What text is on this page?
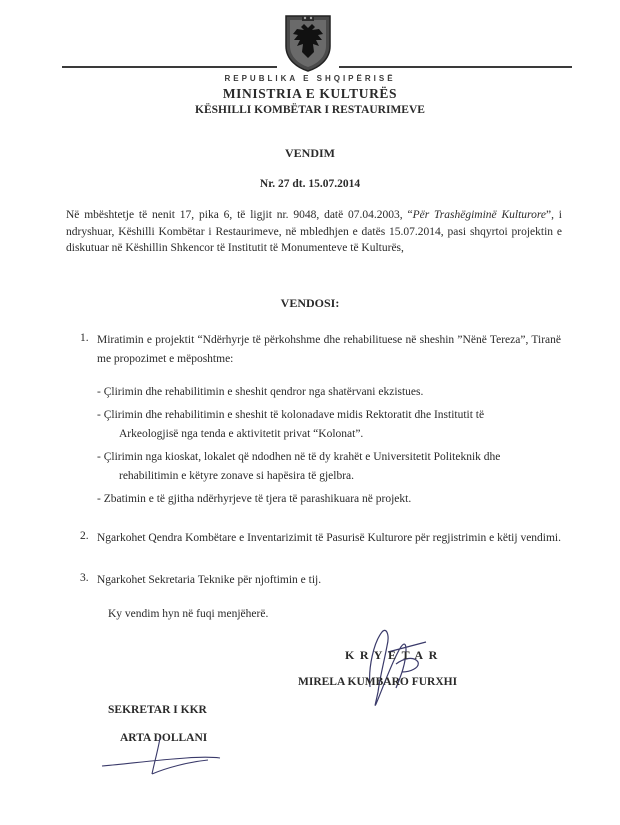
REPUBLIKA E SHQIPËRISË
MINISTRIA E KULTURËS
KËSHILLI KOMBËTAR I RESTAURIMEVE
VENDIM
Nr. 27 dt. 15.07.2014
Në mbështetje të nenit 17, pika 6, të ligjit nr. 9048, datë 07.04.2003, “Për Trashëgiminë Kulturore”, i ndryshuar, Këshilli Kombëtar i Restaurimeve, në mbledhjen e datës 15.07.2014, pasi shqyrtoi projektin e diskutuar në Këshillin Shkencor të Institutit të Monumenteve të Kulturës,
VENDOSI:
1. Miratimin e projektit “Ndërhyrje të përkohshme dhe rehabilituese në sheshin ”Nënë Tereza”, Tiranë me propozimet e mëposhtme:
- Çlirimin dhe rehabilitimin e sheshit qendror nga shatërvani ekzistues.
- Çlirimin dhe rehabilitimin e sheshit të kolonadave midis Rektoratit dhe Institutit të
Arkeologjisë nga tenda e aktivitetit privat “Kolonat”.
- Çlirimin nga kioskat, lokalet që ndodhen në të dy krahët e Universitetit Politeknik dhe
rehabilitimin e këtyre zonave si hapësira të gjelbra.
- Zbatimin e të gjitha ndërhyrjeve të tjera të parashikuara në projekt.
2. Ngarkohet Qendra Kombëtare e Inventarizimit të Pasurisë Kulturore për regjistrimin e këtij vendimi.
3. Ngarkohet Sekretaria Teknike për njoftimin e tij.
Ky vendim hyn në fuqi menjëherë.
KRYETAR
MIRELA KUMBARO FURXHI
SEKRETAR I KKR
ARTA DOLLANI
